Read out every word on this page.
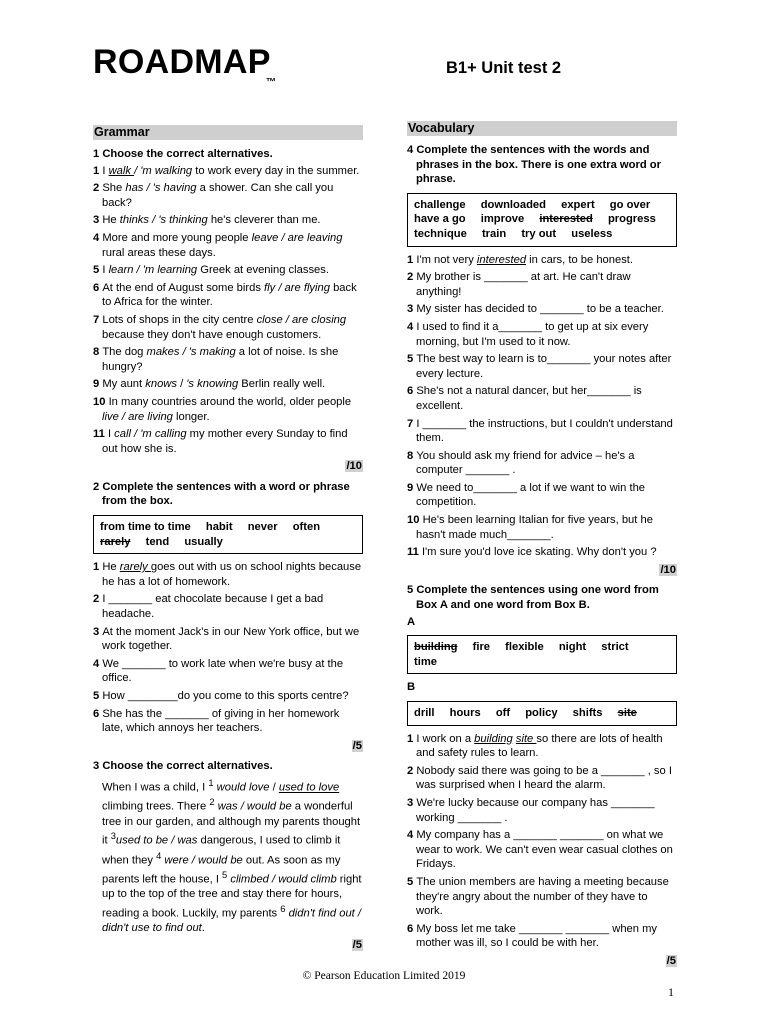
ROADMAP
™
B1+ Unit test 2
Grammar
1 Choose the correct alternatives.
1 I walk / 'm walking to work every day in the summer.
2 She has / 's having a shower. Can she call you back?
3 He thinks / 's thinking he's cleverer than me.
4 More and more young people leave / are leaving rural areas these days.
5 I learn / 'm learning Greek at evening classes.
6 At the end of August some birds fly / are flying back to Africa for the winter.
7 Lots of shops in the city centre close / are closing because they don't have enough customers.
8 The dog makes / 's making a lot of noise. Is she hungry?
9 My aunt knows / 's knowing Berlin really well.
10 In many countries around the world, older people live / are living longer.
11 I call / 'm calling my mother every Sunday to find out how she is.
/10
2 Complete the sentences with a word or phrase from the box.
from time to time habit never often rarely tend usually
1 He rarely goes out with us on school nights because he has a lot of homework.
2 I _______ eat chocolate because I get a bad headache.
3 At the moment Jack's in our New York office, but we work together.
4 We _______ to work late when we're busy at the office.
5 How ________do you come to this sports centre?
6 She has the _______ of giving in her homework late, which annoys her teachers.
/5
3 Choose the correct alternatives.
When I was a child, I $^1$ would love / used to love climbing trees. There $^2$ was / would be a wonderful tree in our garden, and although my parents thought it $^3$used to be / was dangerous, I used to climb it when they $^4$ were / would be out. As soon as my parents left the house, I $^5$ climbed / would climb right up to the top of the tree and stay there for hours, reading a book. Luckily, my parents $^6$ didn't find out / didn't use to find out.
/5
Vocabulary
4 Complete the sentences with the words and phrases in the box. There is one extra word or phrase.
challenge downloaded expert go over have a go improve interested progress technique train try out useless
1 I'm not very interested in cars, to be honest.
2 My brother is _______ at art. He can't draw anything!
3 My sister has decided to _______ to be a teacher.
4 I used to find it a_______ to get up at six every morning, but I'm used to it now.
5 The best way to learn is to_______ your notes after every lecture.
6 She's not a natural dancer, but her_______ is excellent.
7 I _______ the instructions, but I couldn't understand them.
8 You should ask my friend for advice – he's a computer _______ .
9 We need to_______ a lot if we want to win the competition.
10 He's been learning Italian for five years, but he hasn't made much_______.
11 I'm sure you'd love ice skating. Why don't you ?
/10
5 Complete the sentences using one word from Box A and one word from Box B.
A
building fire flexible night strict time
B
drill hours off policy shifts site
1 I work on a building site so there are lots of health and safety rules to learn.
2 Nobody said there was going to be a _______ , so I was surprised when I heard the alarm.
3 We're lucky because our company has _______ working _______ .
4 My company has a _______ _______ on what we wear to work. We can't even wear casual clothes on Fridays.
5 The union members are having a meeting because they're angry about the number of they have to work.
6 My boss let me take _______ _______ when my mother was ill, so I could be with her.
/5
© Pearson Education Limited 2019
1
